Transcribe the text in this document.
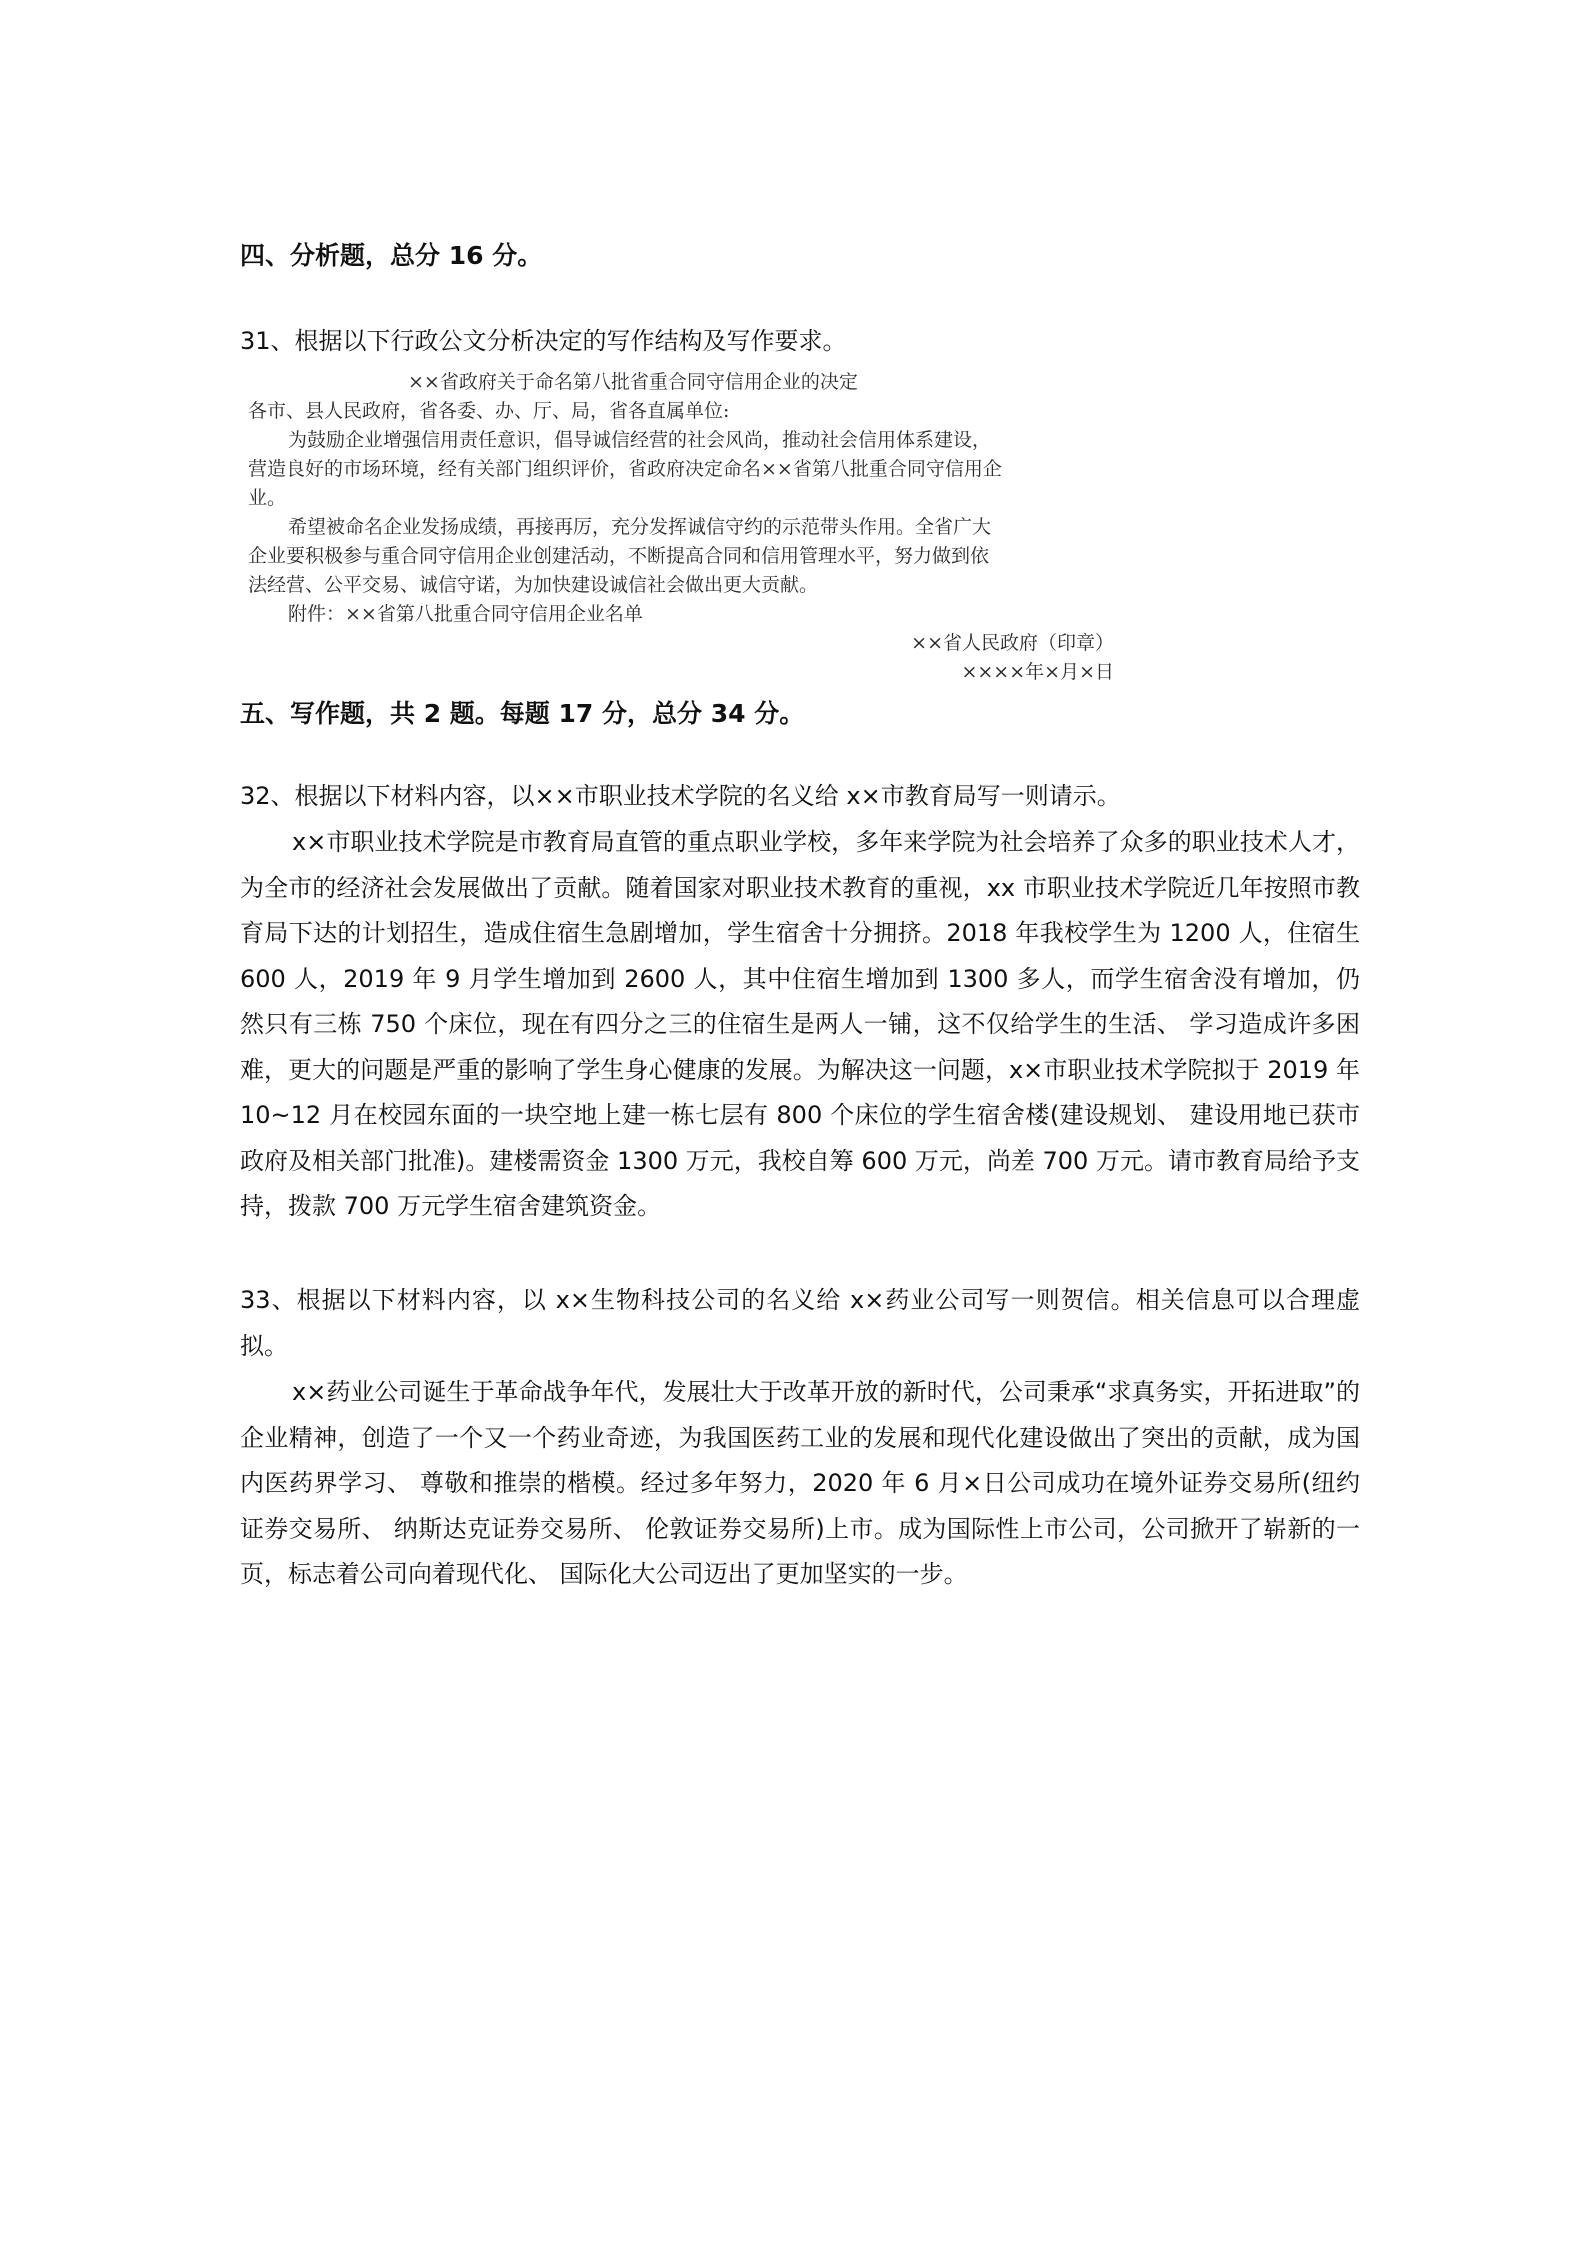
四、分析题，总分 16 分。

31、根据以下行政公文分析决定的写作结构及写作要求。

××省政府关于命名第八批省重合同守信用企业的决定

各市、县人民政府，省各委、办、厅、局，省各直属单位:

为鼓励企业增强信用责任意识，倡导诚信经营的社会风尚，推动社会信用体系建设，

营造良好的市场环境，经有关部门组织评价，省政府决定命名××省第八批重合同守信用企

业。

希望被命名企业发扬成绩，再接再厉，充分发挥诚信守约的示范带头作用。全省广大

企业要积极参与重合同守信用企业创建活动，不断提高合同和信用管理水平，努力做到依

法经营、公平交易、诚信守诺，为加快建设诚信社会做出更大贡献。

附件：××省第八批重合同守信用企业名单

××省人民政府（印章）

××××年×月×日

五、写作题，共 2 题。每题 17 分，总分 34 分。

32、根据以下材料内容，以××市职业技术学院的名义给 x×市教育局写一则请示。

x×市职业技术学院是市教育局直管的重点职业学校，多年来学院为社会培养了众多的职业技术人才，为全市的经济社会发展做出了贡献。随着国家对职业技术教育的重视，xx 市职业技术学院近几年按照市教育局下达的计划招生，造成住宿生急剧增加，学生宿舍十分拥挤。2018 年我校学生为 1200 人，住宿生 600 人，2019 年 9 月学生增加到 2600 人，其中住宿生增加到 1300 多人，而学生宿舍没有增加，仍然只有三栋 750 个床位，现在有四分之三的住宿生是两人一铺，这不仅给学生的生活、 学习造成许多困难，更大的问题是严重的影响了学生身心健康的发展。为解决这一问题，x×市职业技术学院拟于 2019 年 10~12 月在校园东面的一块空地上建一栋七层有 800 个床位的学生宿舍楼(建设规划、 建设用地已获市政府及相关部门批准)。建楼需资金 1300 万元，我校自筹 600 万元，尚差 700 万元。请市教育局给予支持，拨款 700 万元学生宿舍建筑资金。

33、根据以下材料内容，以 x×生物科技公司的名义给 x×药业公司写一则贺信。相关信息可以合理虚拟。

x×药业公司诞生于革命战争年代，发展壮大于改革开放的新时代，公司秉承“求真务实，开拓进取”的企业精神，创造了一个又一个药业奇迹，为我国医药工业的发展和现代化建设做出了突出的贡献，成为国内医药界学习、 尊敬和推崇的楷模。经过多年努力，2020 年 6 月×日公司成功在境外证券交易所(纽约证券交易所、 纳斯达克证券交易所、 伦敦证券交易所)上市。成为国际性上市公司，公司掀开了崭新的一页，标志着公司向着现代化、 国际化大公司迈出了更加坚实的一步。
